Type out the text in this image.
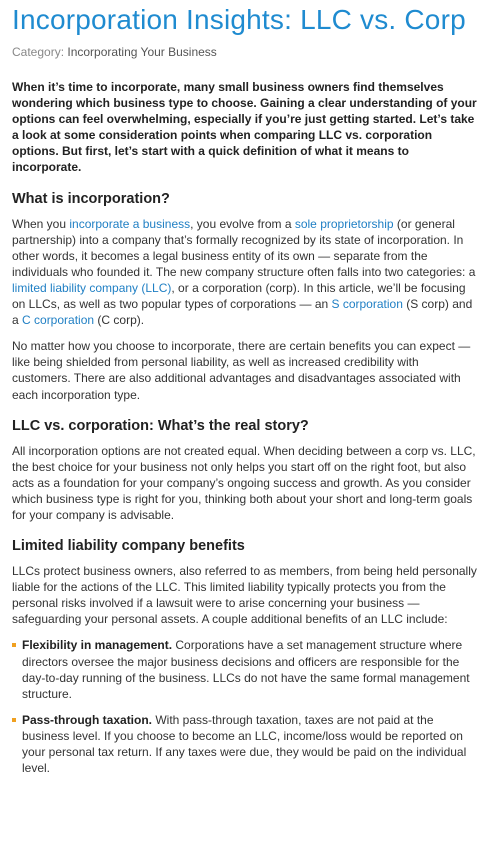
Incorporation Insights: LLC vs. Corp
Category: Incorporating Your Business

When it’s time to incorporate, many small business owners find themselves wondering which business type to choose. Gaining a clear understanding of your options can feel overwhelming, especially if you’re just getting started. Let’s take a look at some consideration points when comparing LLC vs. corporation options. But first, let’s start with a quick definition of what it means to incorporate.

What is incorporation?

When you incorporate a business, you evolve from a sole proprietorship (or general partnership) into a company that’s formally recognized by its state of incorporation. In other words, it becomes a legal business entity of its own — separate from the individuals who founded it. The new company structure often falls into two categories: a limited liability company (LLC), or a corporation (corp). In this article, we’ll be focusing on LLCs, as well as two popular types of corporations — an S corporation (S corp) and a C corporation (C corp).

No matter how you choose to incorporate, there are certain benefits you can expect — like being shielded from personal liability, as well as increased credibility with customers. There are also additional advantages and disadvantages associated with each incorporation type.

LLC vs. corporation: What’s the real story?

All incorporation options are not created equal. When deciding between a corp vs. LLC, the best choice for your business not only helps you start off on the right foot, but also acts as a foundation for your company’s ongoing success and growth. As you consider which business type is right for you, thinking both about your short and long-term goals for your company is advisable.

Limited liability company benefits

LLCs protect business owners, also referred to as members, from being held personally liable for the actions of the LLC. This limited liability typically protects you from the personal risks involved if a lawsuit were to arise concerning your business — safeguarding your personal assets. A couple additional benefits of an LLC include:

Flexibility in management. Corporations have a set management structure where directors oversee the major business decisions and officers are responsible for the day-to-day running of the business. LLCs do not have the same formal management structure.
Pass-through taxation. With pass-through taxation, taxes are not paid at the business level. If you choose to become an LLC, income/loss would be reported on your personal tax return. If any taxes were due, they would be paid on the individual level.
